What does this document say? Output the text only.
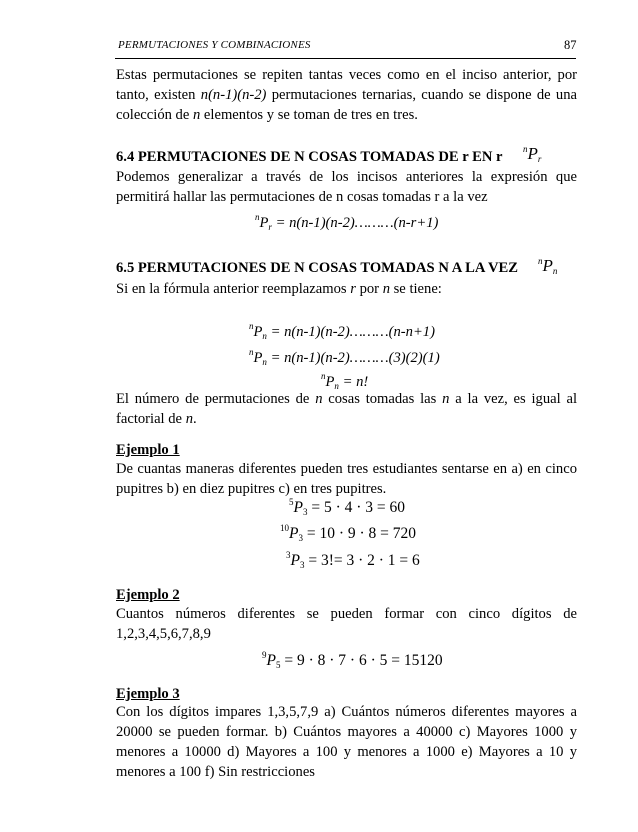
PERMUTACIONES Y COMBINACIONES	87
Estas permutaciones se repiten tantas veces como en el inciso anterior, por tanto, existen n(n-1)(n-2) permutaciones ternarias, cuando se dispone de una colección de n elementos y se toman de tres en tres.
6.4 PERMUTACIONES DE N COSAS TOMADAS DE r EN r $^nP_r$
Podemos generalizar a través de los incisos anteriores la expresión que permitirá hallar las permutaciones de n cosas tomadas r a la vez
$^nP_r$ = n(n-1)(n-2)………(n-r+1)
6.5 PERMUTACIONES DE N COSAS TOMADAS N A LA VEZ $^nP_n$
Si en la fórmula anterior reemplazamos r por n se tiene:
$^nP_n$ = n(n-1)(n-2)………(n-n+1)
$^nP_n$ = n(n-1)(n-2)………(3)(2)(1)
$^nP_n = n$!
El número de permutaciones de n cosas tomadas las n a la vez, es igual al factorial de n.
Ejemplo 1
De cuantas maneras diferentes pueden tres estudiantes sentarse en a) en cinco pupitres b) en diez pupitres c) en tres pupitres.
$^5P_3 = 5 \cdot 4 \cdot 3 = 60$
$^{10}P_3 = 10 \cdot 9 \cdot 8 = 720$
$^3P_3 = 3!= 3 \cdot 2 \cdot 1 = 6$
Ejemplo 2
Cuantos números diferentes se pueden formar con cinco dígitos de 1,2,3,4,5,6,7,8,9
$^9P_5 = 9 \cdot 8 \cdot 7 \cdot 6 \cdot 5 = 15120$
Ejemplo 3
Con los dígitos impares 1,3,5,7,9 a) Cuántos números diferentes mayores a 20000 se pueden formar. b) Cuántos mayores a 40000 c) Mayores 1000 y menores a 10000 d) Mayores a 100 y menores a 1000 e) Mayores a 10 y menores a 100 f) Sin restricciones
